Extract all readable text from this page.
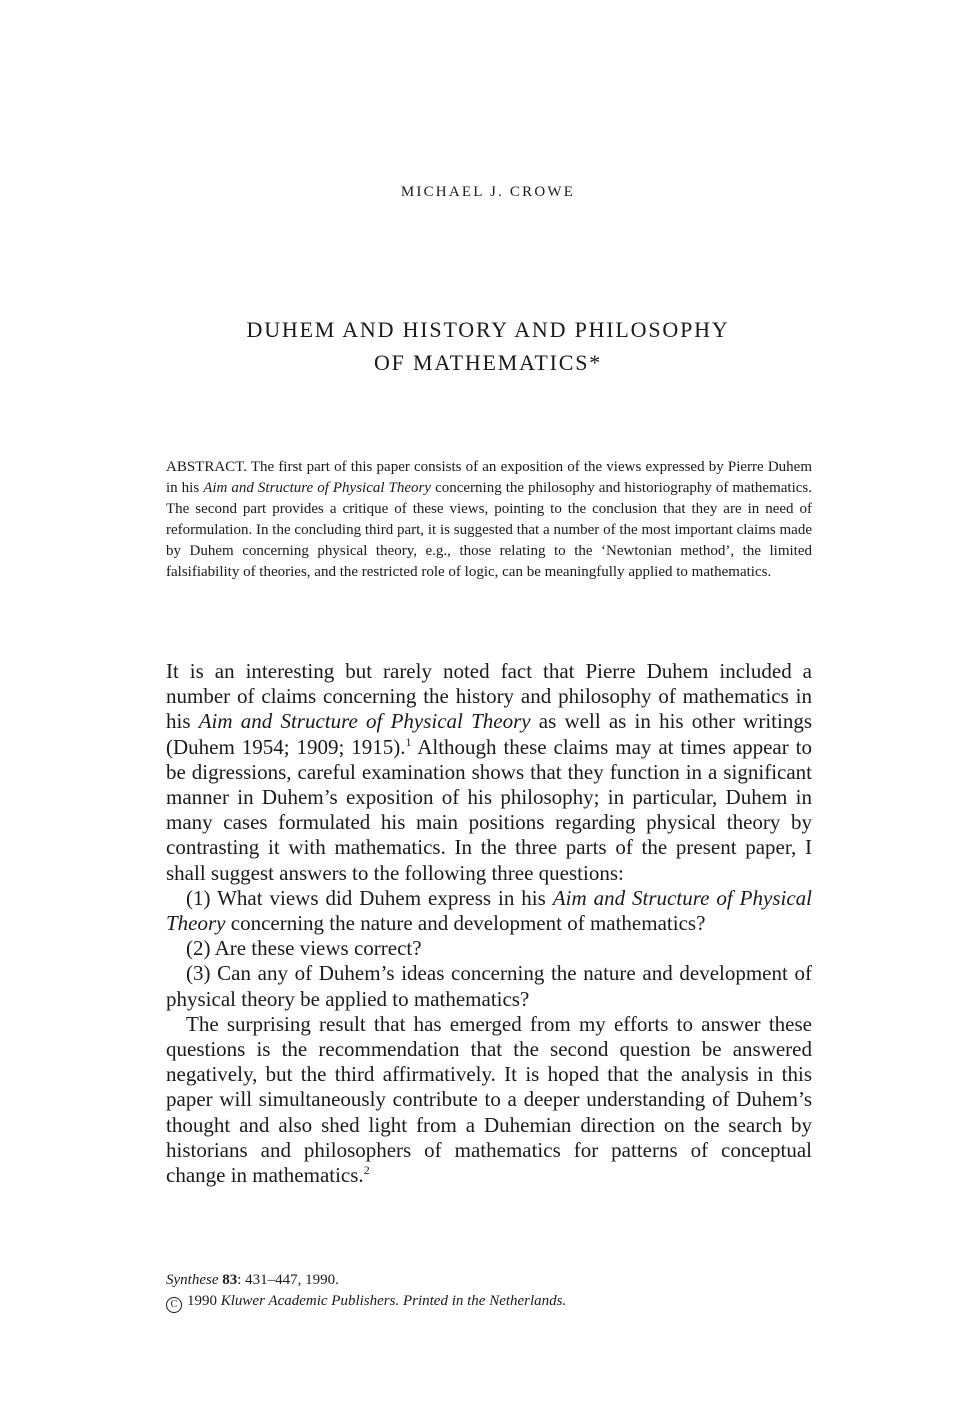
MICHAEL J. CROWE
DUHEM AND HISTORY AND PHILOSOPHY
OF MATHEMATICS*
ABSTRACT. The first part of this paper consists of an exposition of the views expressed by Pierre Duhem in his Aim and Structure of Physical Theory concerning the philosophy and historiography of mathematics. The second part provides a critique of these views, pointing to the conclusion that they are in need of reformulation. In the concluding third part, it is suggested that a number of the most important claims made by Duhem concerning physical theory, e.g., those relating to the ‘Newtonian method’, the limited falsifiability of theories, and the restricted role of logic, can be meaningfully applied to mathematics.

It is an interesting but rarely noted fact that Pierre Duhem included a number of claims concerning the history and philosophy of mathematics in his Aim and Structure of Physical Theory as well as in his other writings (Duhem 1954; 1909; 1915).$^1$ Although these claims may at times appear to be digressions, careful examination shows that they function in a significant manner in Duhem’s exposition of his philosophy; in particular, Duhem in many cases formulated his main positions regarding physical theory by contrasting it with mathematics. In the three parts of the present paper, I shall suggest answers to the following three questions:

(1) What views did Duhem express in his Aim and Structure of Physical Theory concerning the nature and development of mathematics?

(2) Are these views correct?

(3) Can any of Duhem’s ideas concerning the nature and development of physical theory be applied to mathematics?

The surprising result that has emerged from my efforts to answer these questions is the recommendation that the second question be answered negatively, but the third affirmatively. It is hoped that the analysis in this paper will simultaneously contribute to a deeper understanding of Duhem’s thought and also shed light from a Duhemian direction on the search by historians and philosophers of mathematics for patterns of conceptual change in mathematics.$^2$

Synthese 83: 431–447, 1990.
C 1990 Kluwer Academic Publishers. Printed in the Netherlands.
